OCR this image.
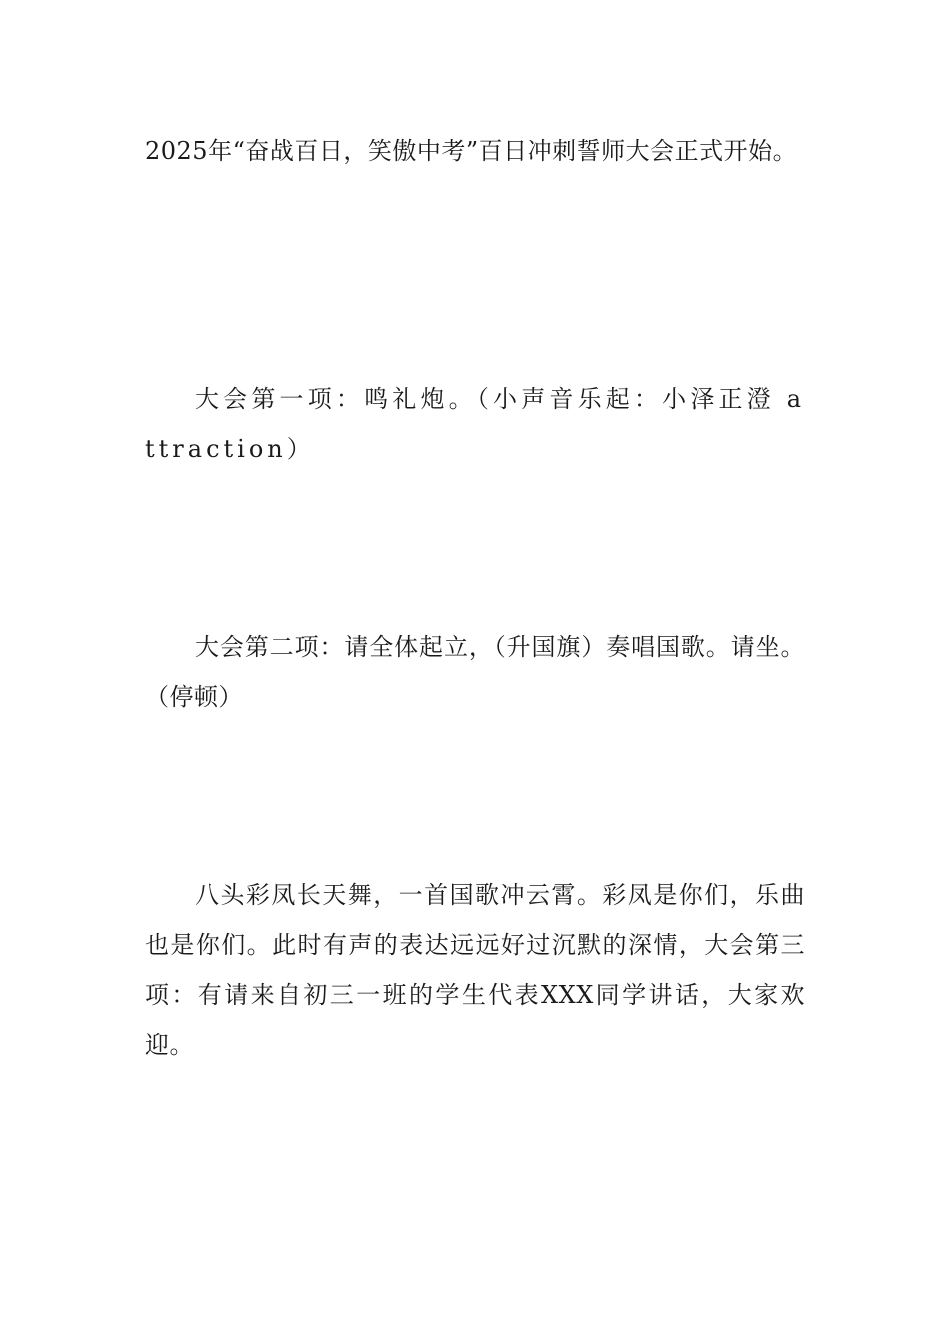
2025年“奋战百日，笑傲中考”百日冲刺誓师大会正式开始。

大会第一项：鸣礼炮。（小声音乐起：小泽正澄 attraction）

大会第二项：请全体起立，（升国旗）奏唱国歌。请坐。（停顿）

八头彩凤长天舞，一首国歌冲云霄。彩凤是你们，乐曲也是你们。此时有声的表达远远好过沉默的深情，大会第三项：有请来自初三一班的学生代表XXX同学讲话，大家欢迎。
